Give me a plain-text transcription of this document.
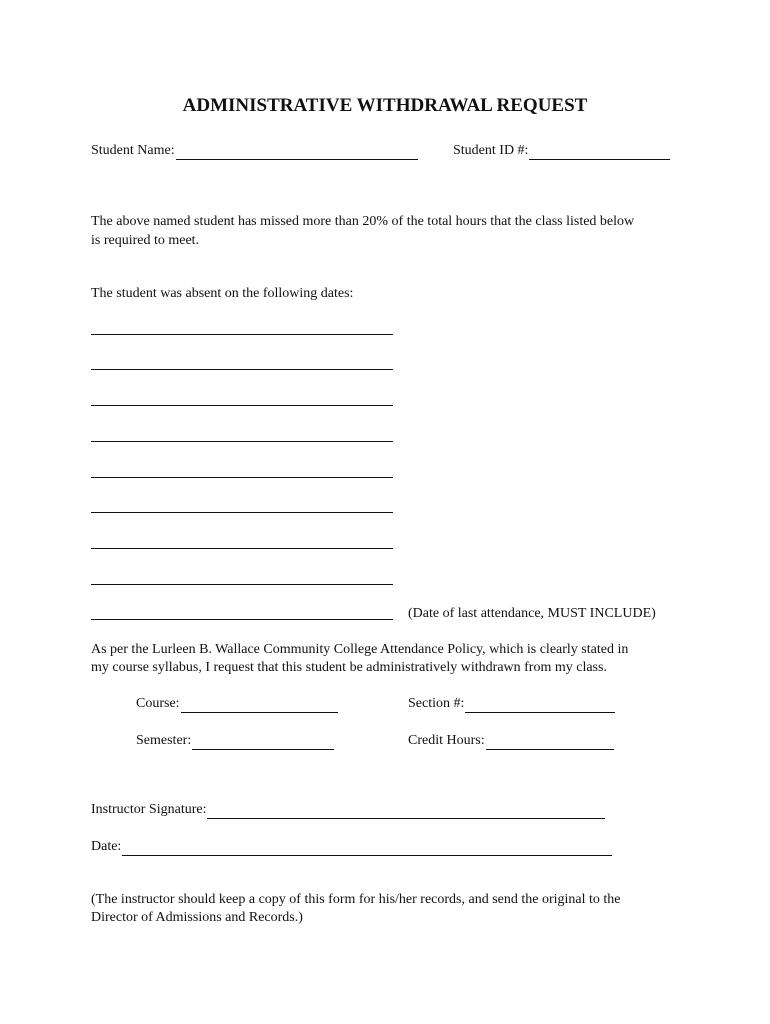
ADMINISTRATIVE WITHDRAWAL REQUEST
Student Name:	Student ID #:
The above named student has missed more than 20% of the total hours that the class listed below
is required to meet.
The student was absent on the following dates:
(Date of last attendance, MUST INCLUDE)
As per the Lurleen B. Wallace Community College Attendance Policy, which is clearly stated in
my course syllabus, I request that this student be administratively withdrawn from my class.
Course:	Section #:
Semester:	Credit Hours:
Instructor Signature:
Date:
(The instructor should keep a copy of this form for his/her records, and send the original to the
Director of Admissions and Records.)
